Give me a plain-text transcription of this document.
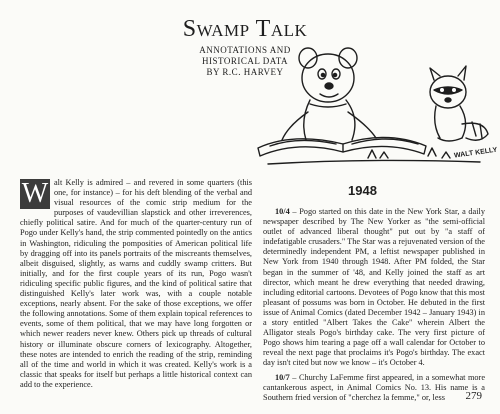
Swamp Talk
ANNOTATIONS AND HISTORICAL DATA
BY R.C. HARVEY
WALT KELLY
W alt Kelly is admired – and revered in some quarters (this one, for instance) – for his deft blending of the verbal and visual resources of the comic strip medium for the purposes of vaudevillian slapstick and other irreverences, chiefly political satire. And for much of the quarter-century run of Pogo under Kelly's hand, the strip commented pointedly on the antics in Washington, ridiculing the pomposities of American political life by dragging off into its panels portraits of the miscreants themselves, albeit disguised, slightly, as warns and cuddly swamp critters. But initially, and for the first couple years of its run, Pogo wasn't ridiculing specific public figures, and the kind of political satire that distinguished Kelly's later work was, with a couple notable exceptions, nearly absent. For the sake of those exceptions, we offer the following annotations. Some of them explain topical references to events, some of them political, that we may have long forgotten or which newer readers never knew. Others pick up threads of cultural history or illuminate obscure corners of lexicography. Altogether, these notes are intended to enrich the reading of the strip, reminding all of the time and world in which it was created. Kelly's work is a classic that speaks for itself but perhaps a little historical context can add to the experience.
1948

10/4 – Pogo started on this date in the New York Star, a daily newspaper described by The New Yorker as "the semi-official outlet of advanced liberal thought" put out by "a staff of indefatigable crusaders." The Star was a rejuvenated version of the determinedly independent PM, a leftist newspaper published in New York from 1940 through 1948. After PM folded, the Star began in the summer of '48, and Kelly joined the staff as art director, which meant he drew everything that needed drawing, including editorial cartoons. Devotees of Pogo know that this most pleasant of possums was born in October. He debuted in the first issue of Animal Comics (dated December 1942 – January 1943) in a story entitled "Albert Takes the Cake" wherein Albert the Alligator steals Pogo's birthday cake. The very first picture of Pogo shows him tearing a page off a wall calendar for October to reveal the next page that proclaims it's Pogo's birthday. The exact day isn't cited but now we know – it's October 4.

10/7 – Churchy LaFemme first appeared, in a somewhat more cantankerous aspect, in Animal Comics No. 13. His name is a Southern fried version of "cherchez la femme," or, less	279
